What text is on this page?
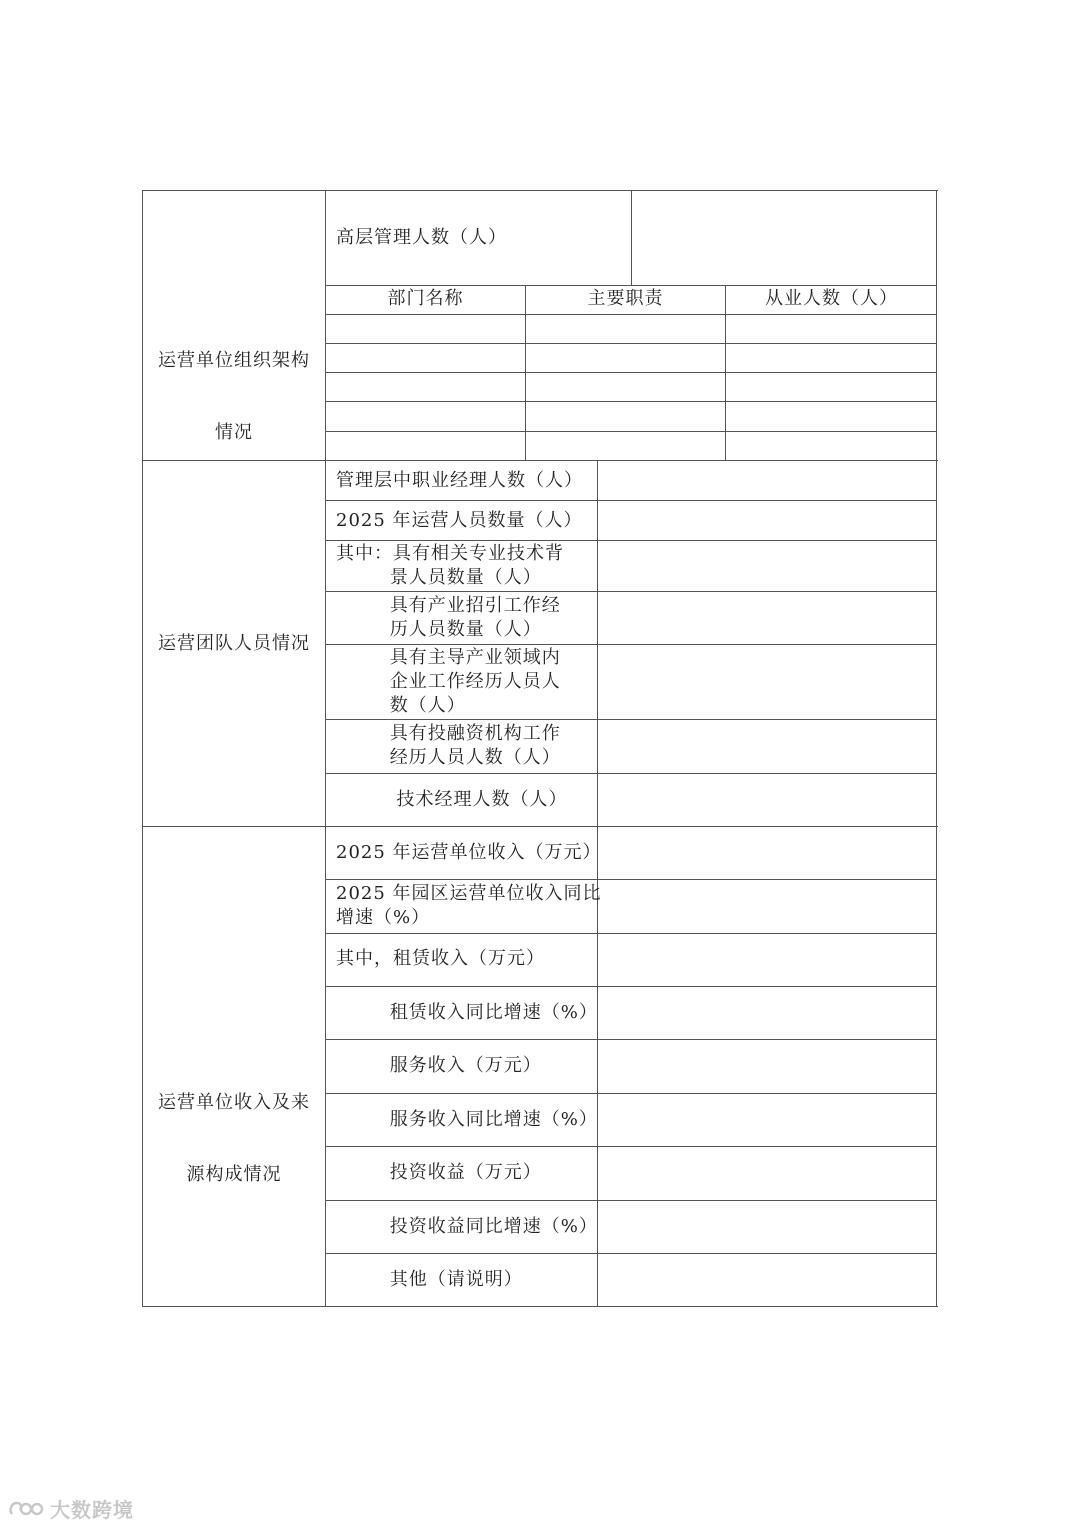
运营单位组织架构

情况

高层管理人数（人）
部门名称	主要职责	从业人数（人）
运营团队人员情况
管理层中职业经理人数（人）
2025 年运营人员数量（人）
其中：具有相关专业技术背
景人员数量（人）
具有产业招引工作经
历人员数量（人）
具有主导产业领域内
企业工作经历人员人
数（人）
具有投融资机构工作
经历人员人数（人）
技术经理人数（人）

运营单位收入及来

源构成情况

2025 年运营单位收入（万元）
2025 年园区运营单位收入同比
增速（%）
其中，租赁收入（万元）
租赁收入同比增速（%）
服务收入（万元）
服务收入同比增速（%）
投资收益（万元）
投资收益同比增速（%）
其他（请说明）
大数跨境
